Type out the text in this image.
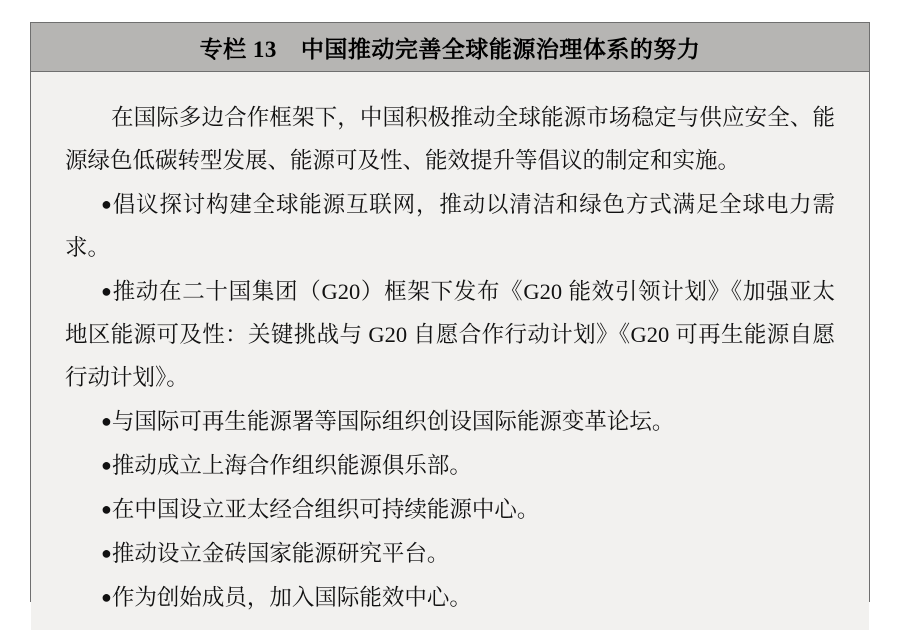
专栏 13 中国推动完善全球能源治理体系的努力

在国际多边合作框架下，中国积极推动全球能源市场稳定与供应安全、能源绿色低碳转型发展、能源可及性、能效提升等倡议的制定和实施。

●倡议探讨构建全球能源互联网，推动以清洁和绿色方式满足全球电力需求。

●推动在二十国集团（G20）框架下发布《G20 能效引领计划》《加强亚太地区能源可及性：关键挑战与 G20 自愿合作行动计划》《G20 可再生能源自愿行动计划》。

●与国际可再生能源署等国际组织创设国际能源变革论坛。

●推动成立上海合作组织能源俱乐部。

●在中国设立亚太经合组织可持续能源中心。

●推动设立金砖国家能源研究平台。

●作为创始成员，加入国际能效中心。
